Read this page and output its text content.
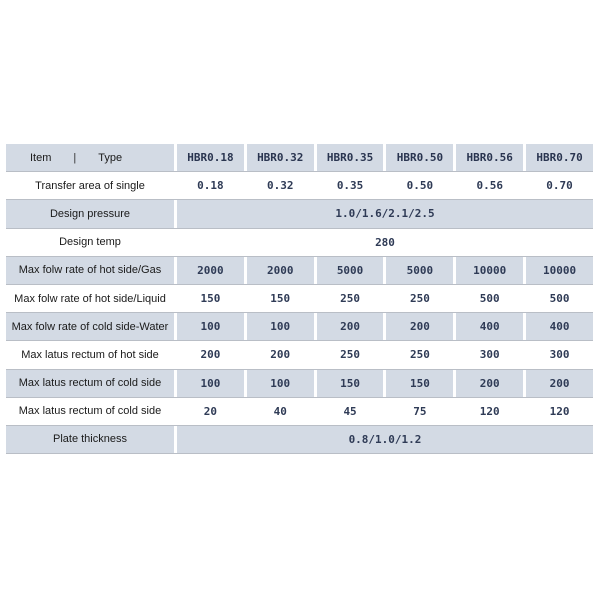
Item | Type	HBR0.18	HBR0.32	HBR0.35	HBR0.50	HBR0.56	HBR0.70
Transfer area of single	0.18	0.32	0.35	0.50	0.56	0.70
Design pressure	1.0/1.6/2.1/2.5
Design temp	280
Max folw rate of hot side/Gas	2000	2000	5000	5000	10000	10000
Max folw rate of hot side/Liquid	150	150	250	250	500	500
Max folw rate of cold side-Water	100	100	200	200	400	400
Max latus rectum of hot side	200	200	250	250	300	300
Max latus rectum of cold side	100	100	150	150	200	200
Max latus rectum of cold side	20	40	45	75	120	120
Plate thickness	0.8/1.0/1.2
